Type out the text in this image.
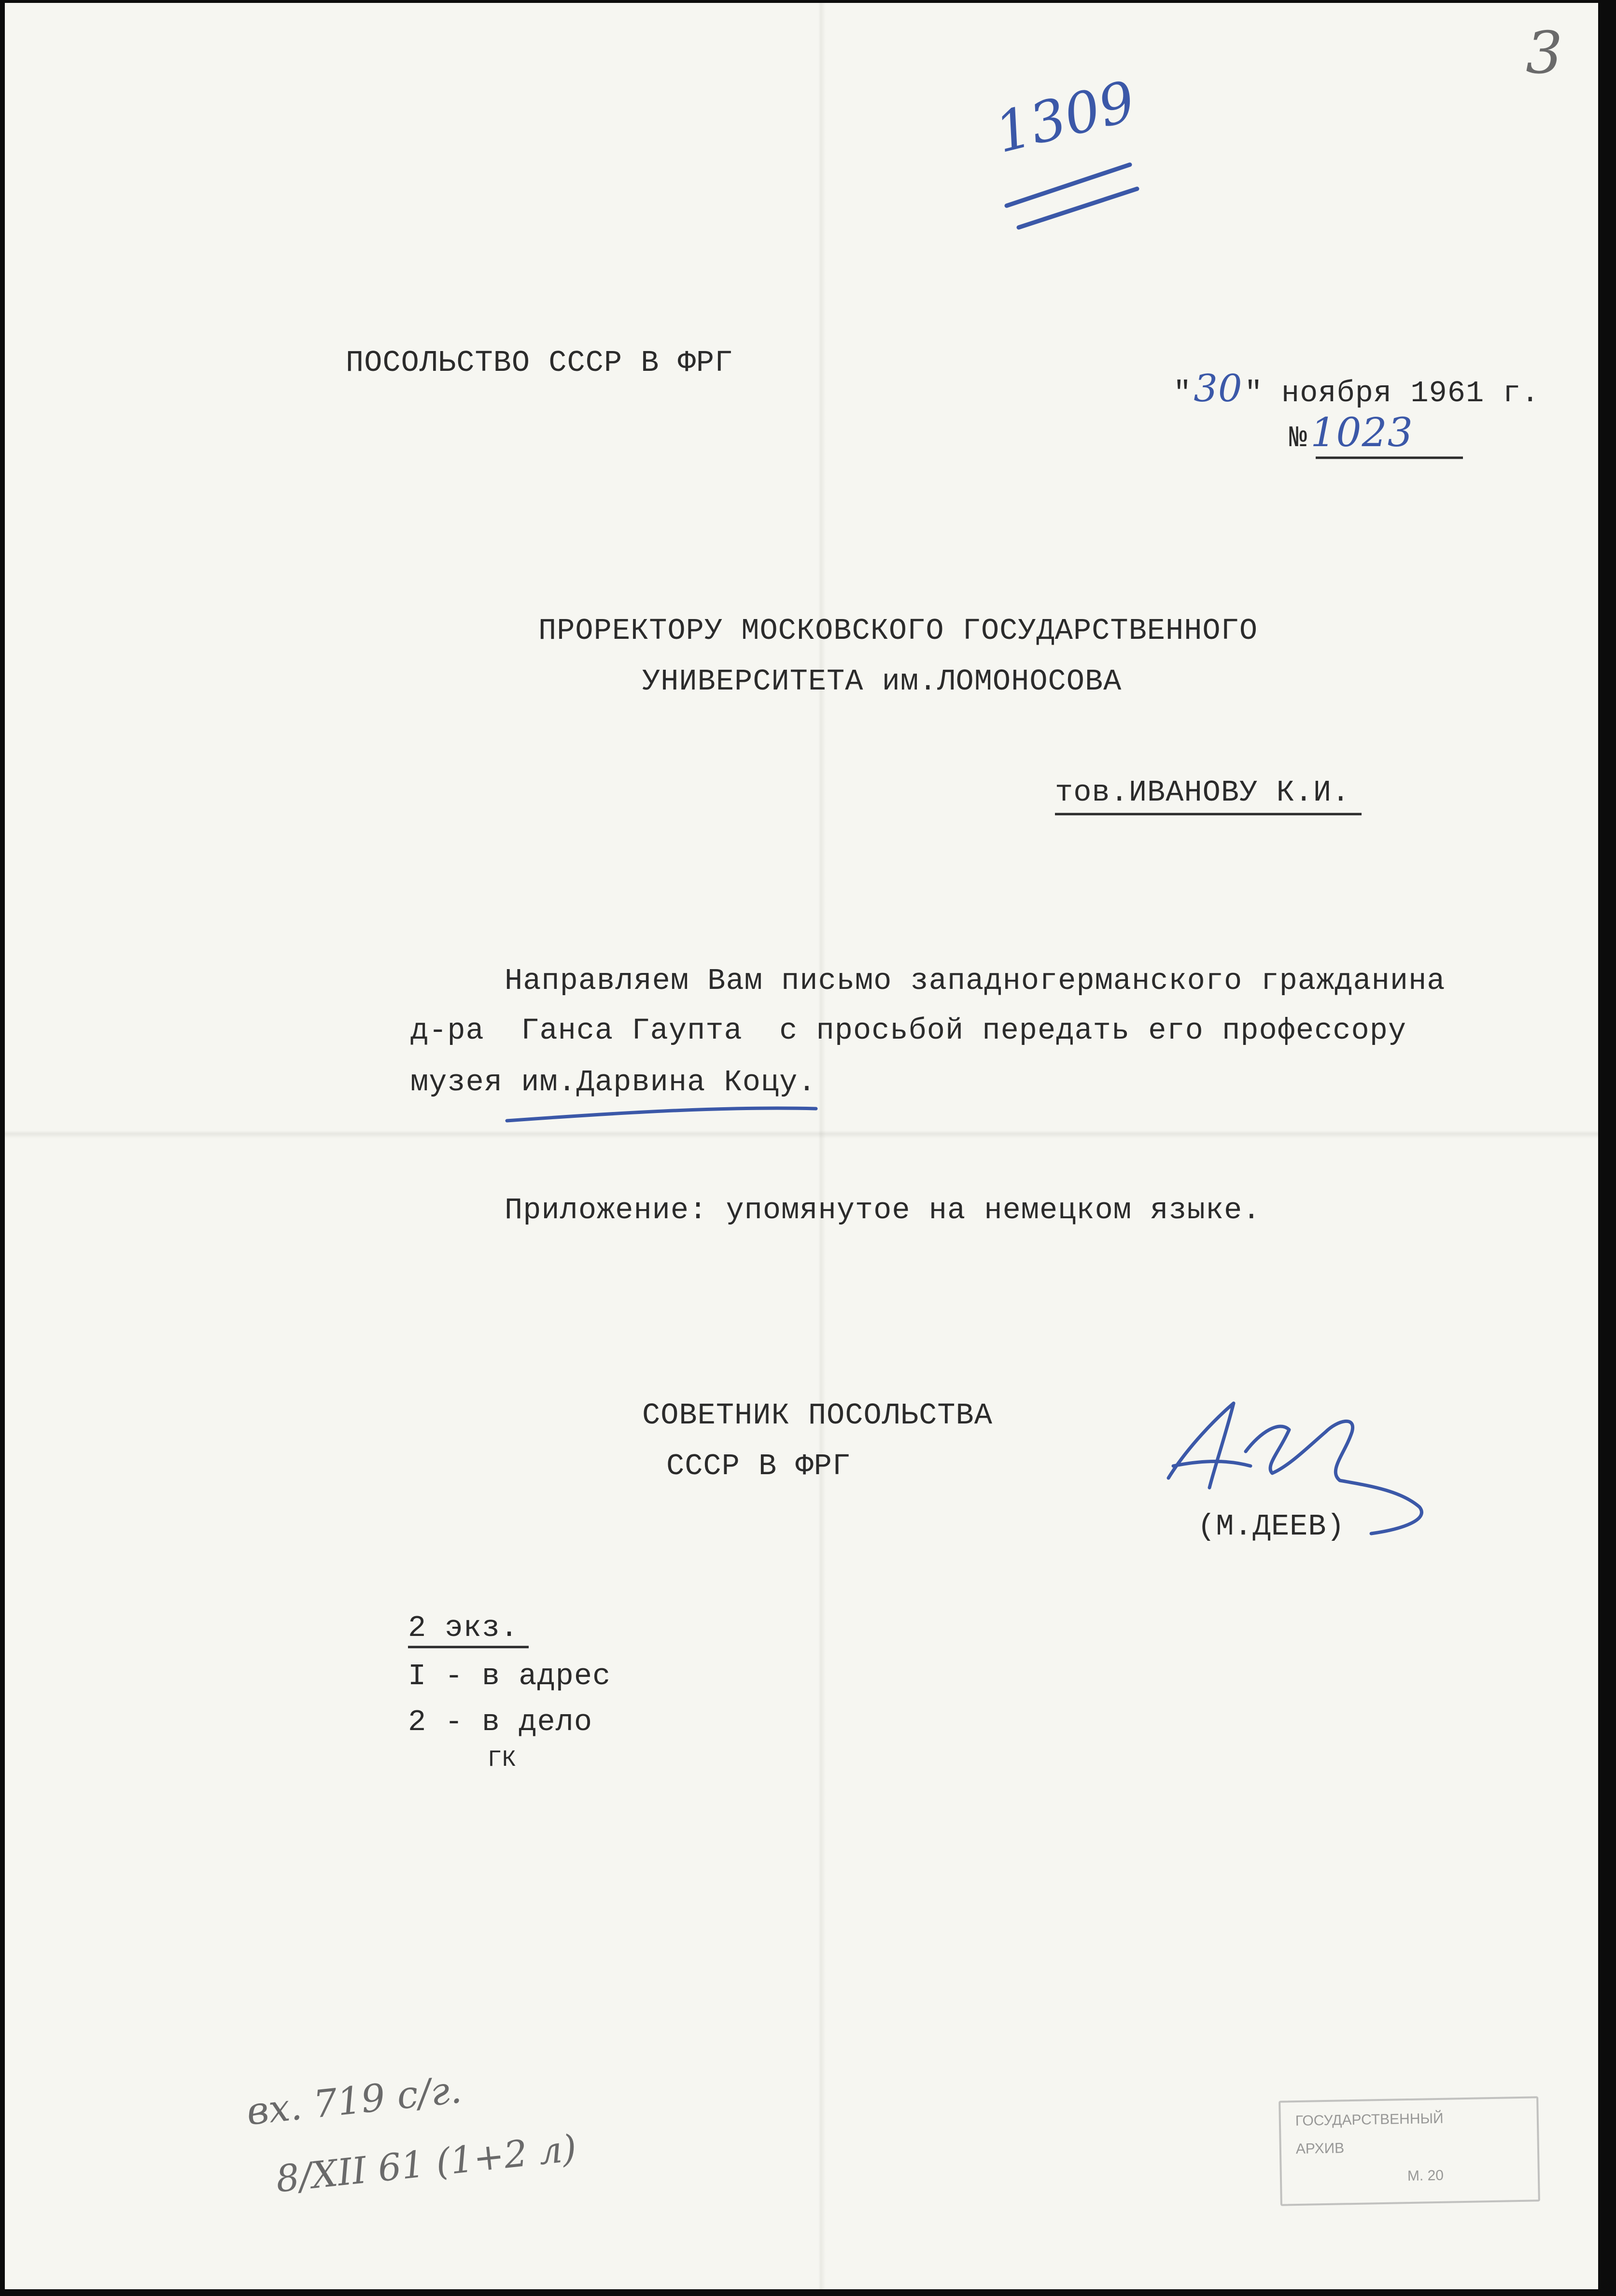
1309

3

ПОСОЛЬСТВО СССР В ФРГ

"30" ноября 1961 г.

№1023

ПРОРЕКТОРУ МОСКОВСКОГО ГОСУДАРСТВЕННОГО

УНИВЕРСИТЕТА им.ЛОМОНОСОВА

тов.ИВАНОВУ К.И.

Направляем Вам письмо западногерманского гражданина

д-ра  Ганса Гаупта  с просьбой передать его профессору

музея им.Дарвина Коцу.

Приложение: упомянутое на немецком языке.

СОВЕТНИК ПОСОЛЬСТВА

СССР В ФРГ

(М.ДЕЕВ)

2 экз.

I - в адрес

2 - в дело

ГК

вх. 719 с/г.

8/XII 61 (1+2 л)

ГОСУДАРСТВЕННЫЙ

АРХИВ

М. 20
